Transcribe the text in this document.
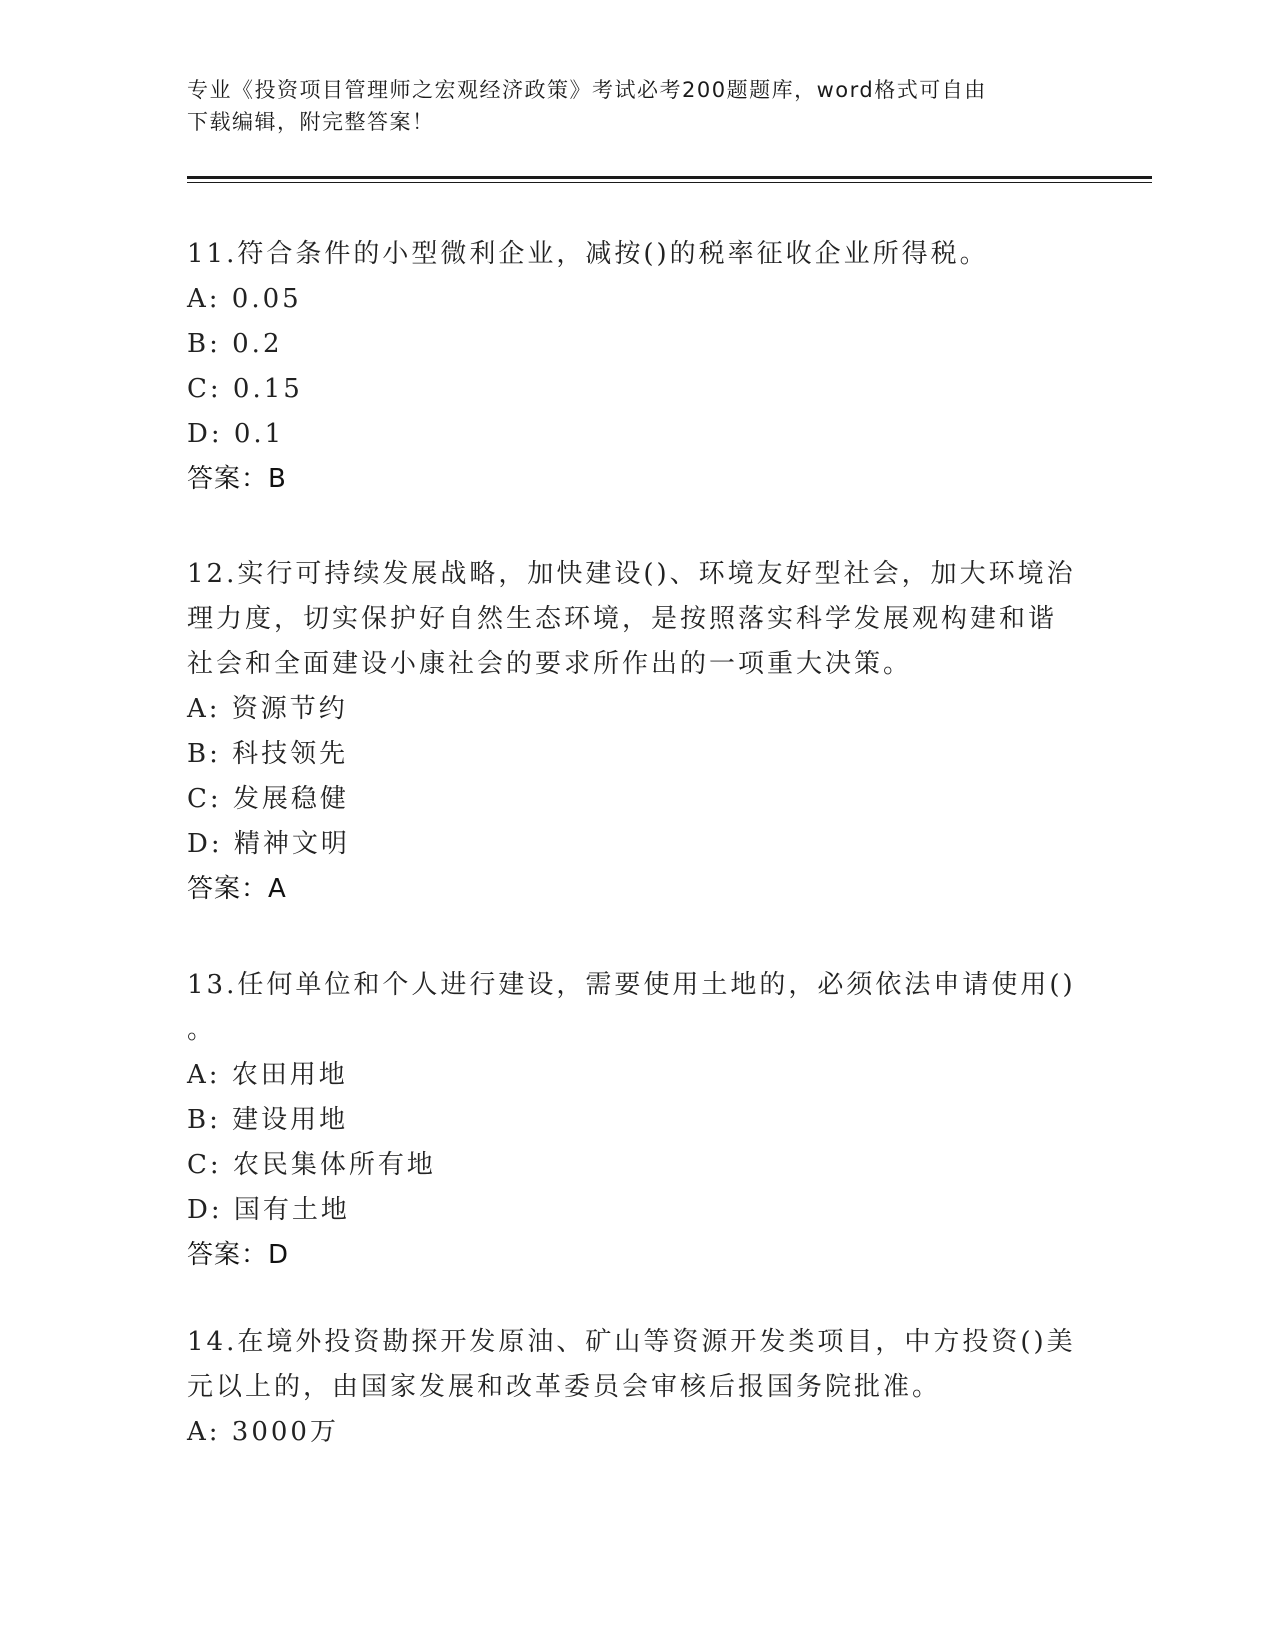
专业《投资项目管理师之宏观经济政策》考试必考200题题库，word格式可自由
下载编辑，附完整答案！

11.符合条件的小型微利企业，减按()的税率征收企业所得税。

A: 0.05

B: 0.2

C: 0.15

D: 0.1

答案：B

12.实行可持续发展战略，加快建设()、环境友好型社会，加大环境治

理力度，切实保护好自然生态环境，是按照落实科学发展观构建和谐

社会和全面建设小康社会的要求所作出的一项重大决策。

A: 资源节约

B: 科技领先

C: 发展稳健

D: 精神文明

答案：A

13.任何单位和个人进行建设，需要使用土地的，必须依法申请使用()

。

A: 农田用地

B: 建设用地

C: 农民集体所有地

D: 国有土地

答案：D

14.在境外投资勘探开发原油、矿山等资源开发类项目，中方投资()美

元以上的，由国家发展和改革委员会审核后报国务院批准。

A: 3000万
